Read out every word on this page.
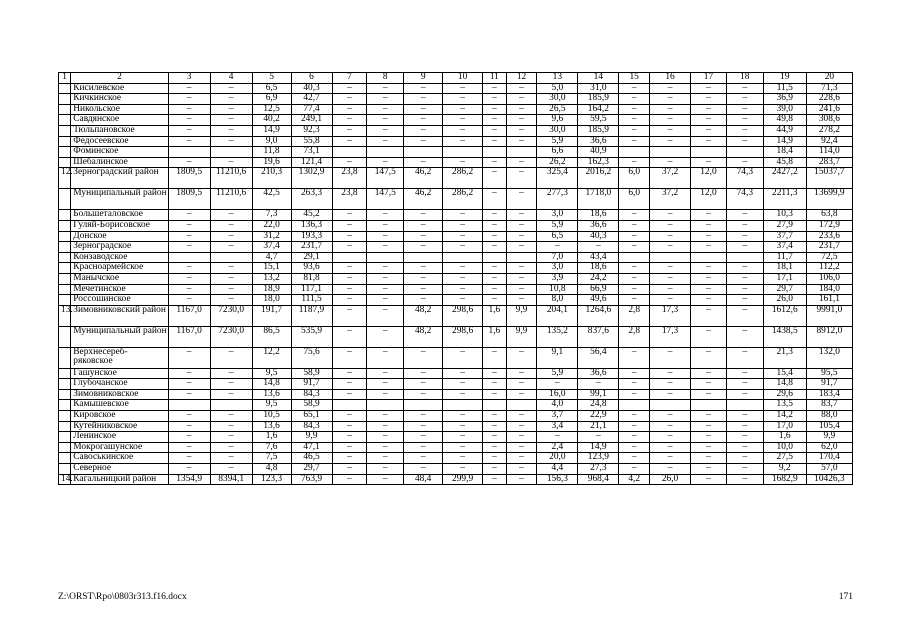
1	2	3	4	5	6	7	8	9	10	11	12	13	14	15	16	17	18	19	20
	Кисилевское	–	–	6,5	40,3	–	–	–	–	–	–	5,0	31,0	–	–	–	–	11,5	71,3
	Кичкинское	–	–	6,9	42,7	–	–	–	–	–	–	30,0	185,9	–	–	–	–	36,9	228,6
	Никольское	–	–	12,5	77,4	–	–	–	–	–	–	26,5	164,2	–	–	–	–	39,0	241,6
	Савдянское	–	–	40,2	249,1	–	–	–	–	–	–	9,6	59,5	–	–	–	–	49,8	308,6
	Тюльпановское	–	–	14,9	92,3	–	–	–	–	–	–	30,0	185,9	–	–	–	–	44,9	278,2
	Федосеевское	–	–	9,0	55,8	–	–	–	–	–	–	5,9	36,6	–	–	–	–	14,9	92,4
	Фоминское			11,8	73,1							6,6	40,9					18,4	114,0
	Шебалинское	–	–	19,6	121,4	–	–	–	–	–	–	26,2	162,3	–	–	–	–	45,8	283,7
12.	Зерноградский район	1809,5	11210,6	210,3	1302,9	23,8	147,5	46,2	286,2	–	–	325,4	2016,2	6,0	37,2	12,0	74,3	2427,2	15037,7
	Муниципальный район	1809,5	11210,6	42,5	263,3	23,8	147,5	46,2	286,2	–	–	277,3	1718,0	6,0	37,2	12,0	74,3	2211,3	13699,9
	Большеталовское	–	–	7,3	45,2	–	–	–	–	–	–	3,0	18,6	–	–	–	–	10,3	63,8
	Гуляй-Борисовское	–	–	22,0	136,3	–	–	–	–	–	–	5,9	36,6	–	–	–	–	27,9	172,9
	Донское	–	–	31,2	193,3	–	–	–	–	–	–	6,5	40,3	–	–	–	–	37,7	233,6
	Зерноградское	–	–	37,4	231,7	–	–	–	–	–	–	–	–	–	–	–	–	37,4	231,7
	Конзаводское			4,7	29,1							7,0	43,4					11,7	72,5
	Красноармейское	–	–	15,1	93,6	–	–	–	–	–	–	3,0	18,6	–	–	–	–	18,1	112,2
	Манычское	–	–	13,2	81,8	–	–	–	–	–	–	3,9	24,2	–	–	–	–	17,1	106,0
	Мечетинское	–	–	18,9	117,1	–	–	–	–	–	–	10,8	66,9	–	–	–	–	29,7	184,0
	Россошинское	–	–	18,0	111,5	–	–	–	–	–	–	8,0	49,6	–	–	–	–	26,0	161,1
13.	Зимовниковский район	1167,0	7230,0	191,7	1187,9	–	–	48,2	298,6	1,6	9,9	204,1	1264,6	2,8	17,3	–	–	1612,6	9991,0
	Муниципальный район	1167,0	7230,0	86,5	535,9	–	–	48,2	298,6	1,6	9,9	135,2	837,6	2,8	17,3	–	–	1438,5	8912,0
	Верхнесереб-ряковское	–	–	12,2	75,6	–	–	–	–	–	–	9,1	56,4	–	–	–	–	21,3	132,0
	Гашунское	–	–	9,5	58,9	–	–	–	–	–	–	5,9	36,6	–	–	–	–	15,4	95,5
	Глубочанское	–	–	14,8	91,7	–	–	–	–	–	–	–	–	–	–	–	–	14,8	91,7
	Зимовниковское	–	–	13,6	84,3	–	–	–	–	–	–	16,0	99,1	–	–	–	–	29,6	183,4
	Камышевское			9,5	58,9							4,0	24,8					13,5	83,7
	Кировское	–	–	10,5	65,1	–	–	–	–	–	–	3,7	22,9	–	–	–	–	14,2	88,0
	Кутейниковское	–	–	13,6	84,3	–	–	–	–	–	–	3,4	21,1	–	–	–	–	17,0	105,4
	Ленинское	–	–	1,6	9,9	–	–	–	–	–	–	–	–	–	–	–	–	1,6	9,9
	Мокрогашунское	–	–	7,6	47,1	–	–	–	–	–	–	2,4	14,9	–	–	–	–	10,0	62,0
	Савоськинское	–	–	7,5	46,5	–	–	–	–	–	–	20,0	123,9	–	–	–	–	27,5	170,4
	Северное	–	–	4,8	29,7	–	–	–	–	–	–	4,4	27,3	–	–	–	–	9,2	57,0
14.	Кагальницкий район	1354,9	8394,1	123,3	763,9	–	–	48,4	299,9	–	–	156,3	968,4	4,2	26,0	–	–	1682,9	10426,3
Z:\ORST\Rpo\0803r313.f16.docx	171
